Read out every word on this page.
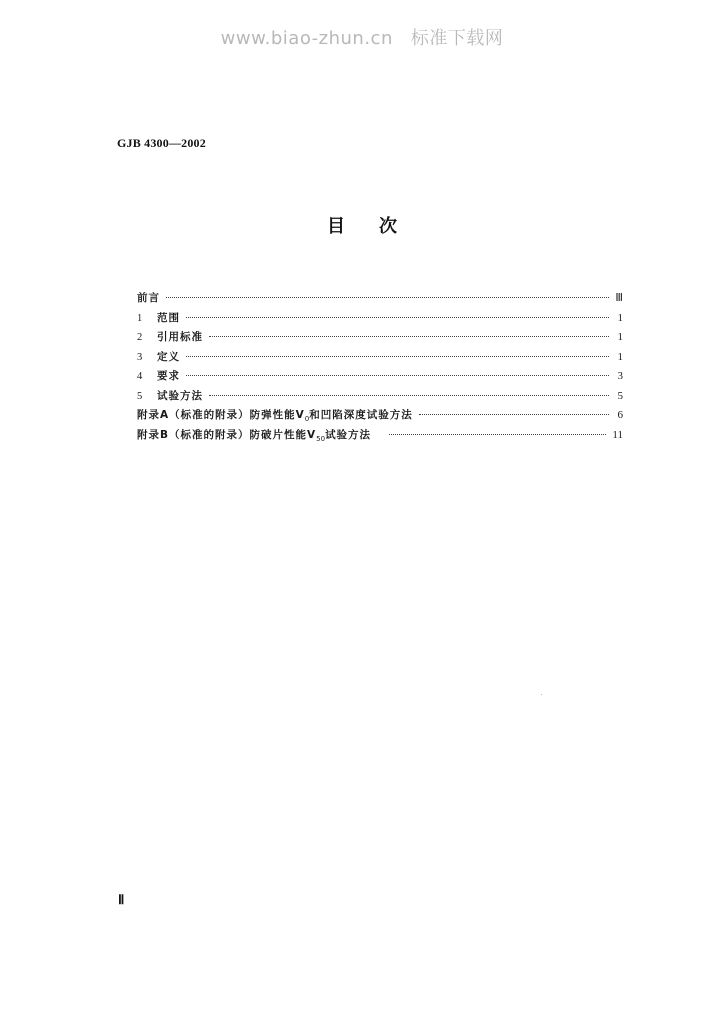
www.biao-zhun.cn 标准下载网
GJB 4300—2002
目次
前言	Ⅲ
1	范围	1
2	引用标准	1
3	定义	1
4	要求	3
5	试验方法	5
附录A（标准的附录）防弹性能$V_0$和凹陷深度试验方法	6
附录B（标准的附录）防破片性能$V_{50}$试验方法	11
Ⅱ
